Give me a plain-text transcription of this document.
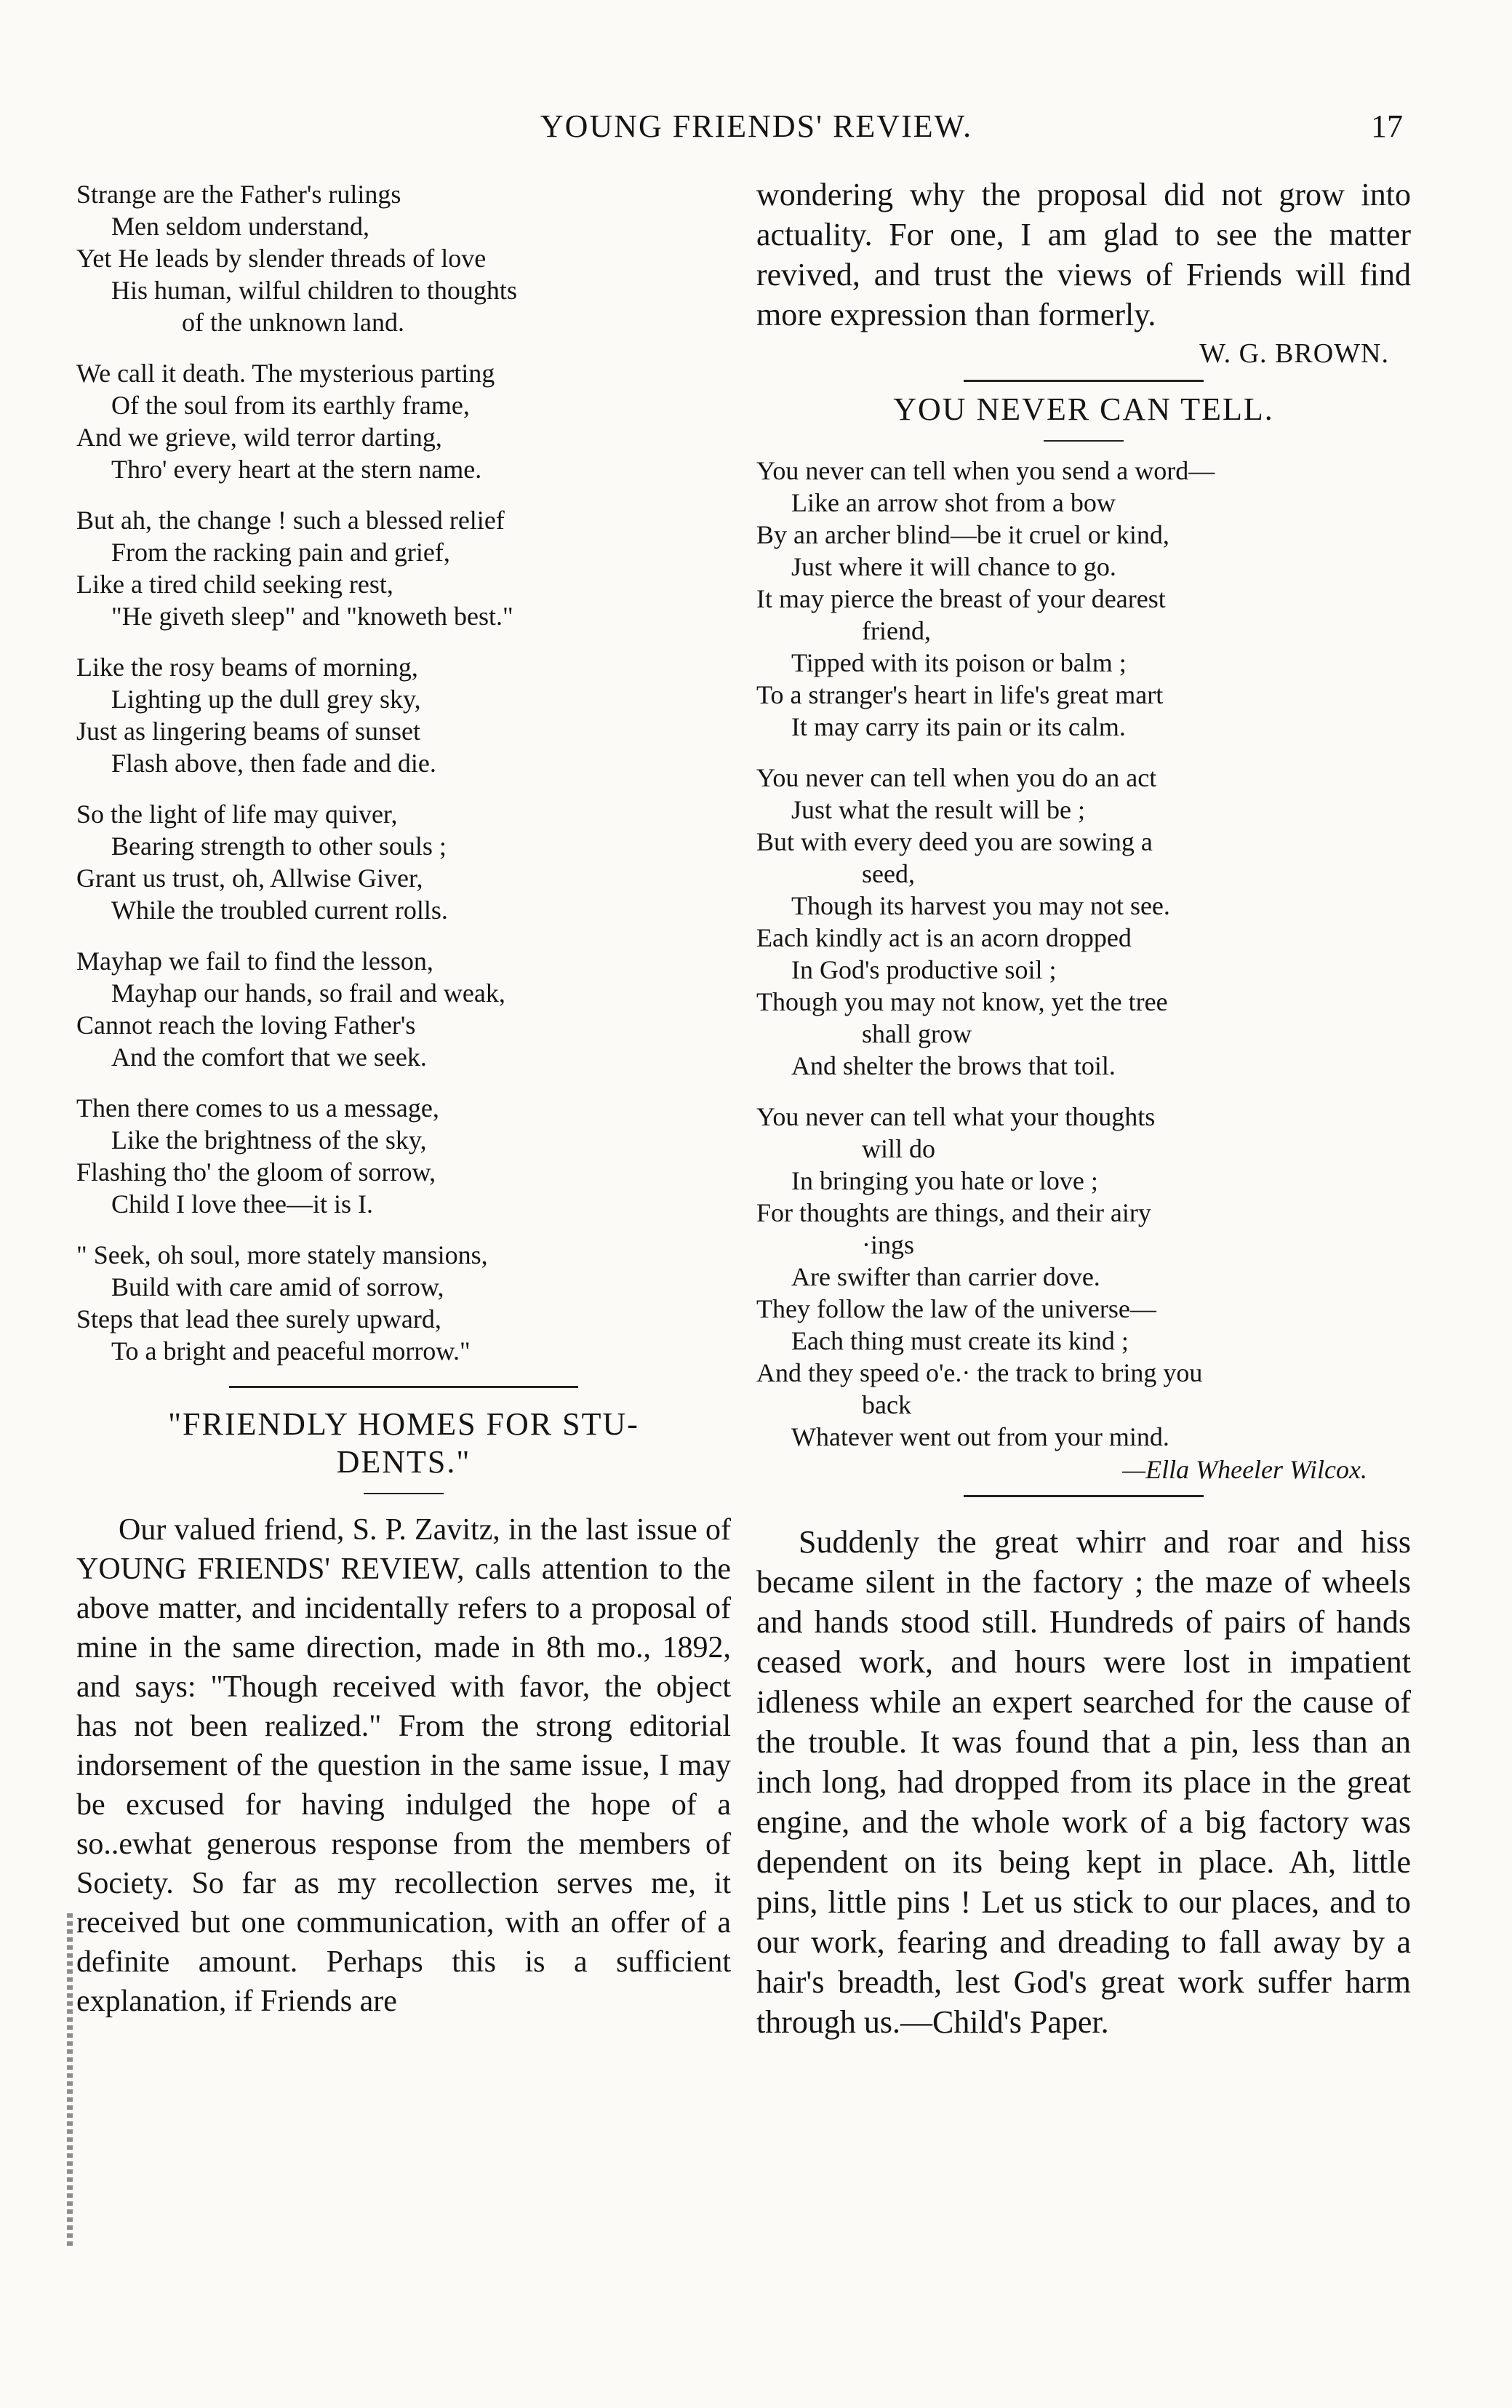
YOUNG FRIENDS' REVIEW.	17
Strange are the Father's rulings
Men seldom understand,
Yet He leads by slender threads of love
His human, wilful children to thoughts
of the unknown land.
We call it death. The mysterious parting
Of the soul from its earthly frame,
And we grieve, wild terror darting,
Thro' every heart at the stern name.
But ah, the change ! such a blessed relief
From the racking pain and grief,
Like a tired child seeking rest,
"He giveth sleep" and "knoweth best."
Like the rosy beams of morning,
Lighting up the dull grey sky,
Just as lingering beams of sunset
Flash above, then fade and die.
So the light of life may quiver,
Bearing strength to other souls ;
Grant us trust, oh, Allwise Giver,
While the troubled current rolls.
Mayhap we fail to find the lesson,
Mayhap our hands, so frail and weak,
Cannot reach the loving Father's
And the comfort that we seek.
Then there comes to us a message,
Like the brightness of the sky,
Flashing tho' the gloom of sorrow,
Child I love thee—it is I.
" Seek, oh soul, more stately mansions,
Build with care amid of sorrow,
Steps that lead thee surely upward,
To a bright and peaceful morrow."
"FRIENDLY HOMES FOR STU-
DENTS."

Our valued friend, S. P. Zavitz, in the last issue of YOUNG FRIENDS' REVIEW, calls attention to the above matter, and incidentally refers to a proposal of mine in the same direction, made in 8th mo., 1892, and says: "Though received with favor, the object has not been realized." From the strong editorial indorsement of the question in the same issue, I may be excused for having indulged the hope of a so..ewhat generous response from the members of Society. So far as my recollection serves me, it received but one communication, with an offer of a definite amount. Perhaps this is a sufficient explanation, if Friends are

wondering why the proposal did not grow into actuality. For one, I am glad to see the matter revived, and trust the views of Friends will find more expression than formerly.

W. G. BROWN.
YOU NEVER CAN TELL.
You never can tell when you send a word—
Like an arrow shot from a bow
By an archer blind—be it cruel or kind,
Just where it will chance to go.
It may pierce the breast of your dearest
friend,
Tipped with its poison or balm ;
To a stranger's heart in life's great mart
It may carry its pain or its calm.
You never can tell when you do an act
Just what the result will be ;
But with every deed you are sowing a
seed,
Though its harvest you may not see.
Each kindly act is an acorn dropped
In God's productive soil ;
Though you may not know, yet the tree
shall grow
And shelter the brows that toil.
You never can tell what your thoughts
will do
In bringing you hate or love ;
For thoughts are things, and their airy
·ings
Are swifter than carrier dove.
They follow the law of the universe—
Each thing must create its kind ;
And they speed o'e.· the track to bring you
back
Whatever went out from your mind.
—Ella Wheeler Wilcox.

Suddenly the great whirr and roar and hiss became silent in the factory ; the maze of wheels and hands stood still. Hundreds of pairs of hands ceased work, and hours were lost in impatient idleness while an expert searched for the cause of the trouble. It was found that a pin, less than an inch long, had dropped from its place in the great engine, and the whole work of a big factory was dependent on its being kept in place. Ah, little pins, little pins ! Let us stick to our places, and to our work, fearing and dreading to fall away by a hair's breadth, lest God's great work suffer harm through us.—Child's Paper.
